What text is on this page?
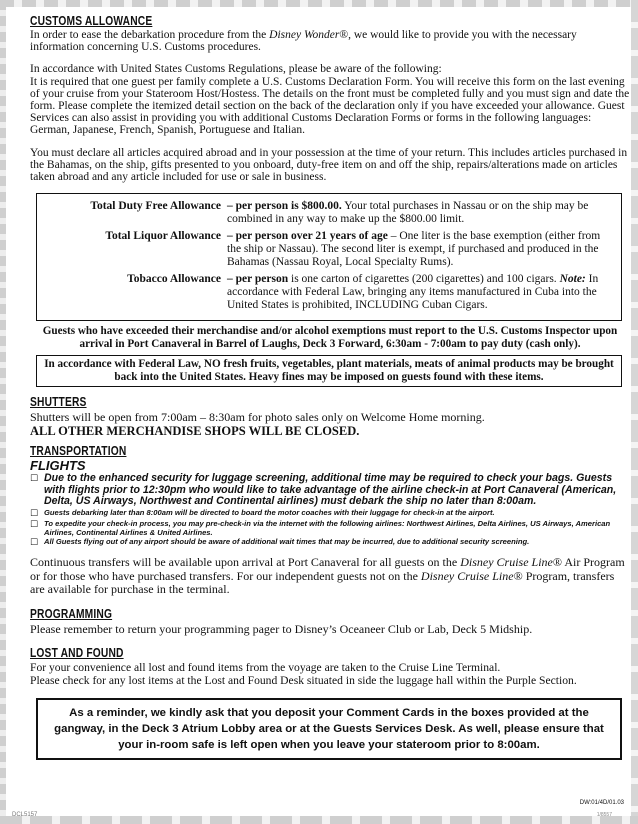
CUSTOMS ALLOWANCE

In order to ease the debarkation procedure from the Disney Wonder®, we would like to provide you with the necessary information concerning U.S. Customs procedures.

In accordance with United States Customs Regulations, please be aware of the following:

It is required that one guest per family complete a U.S. Customs Declaration Form. You will receive this form on the last evening of your cruise from your Stateroom Host/Hostess. The details on the front must be completed fully and you must sign and date the form. Please complete the itemized detail section on the back of the declaration only if you have exceeded your allowance. Guest Services can also assist in providing you with additional Customs Declaration Forms or forms in the following languages: German, Japanese, French, Spanish, Portuguese and Italian.

You must declare all articles acquired abroad and in your possession at the time of your return. This includes articles purchased in the Bahamas, on the ship, gifts presented to you onboard, duty-free item on and off the ship, repairs/alterations made on articles taken abroad and any article included for use or sale in business.

Total Duty Free Allowance – per person is $800.00. Your total purchases in Nassau or on the ship may be combined in any way to make up the $800.00 limit.
Total Liquor Allowance – per person over 21 years of age – One liter is the base exemption (either from the ship or Nassau). The second liter is exempt, if purchased and produced in the Bahamas (Nassau Royal, Local Specialty Rums).
Tobacco Allowance – per person is one carton of cigarettes (200 cigarettes) and 100 cigars. Note: In accordance with Federal Law, bringing any items manufactured in Cuba into the United States is prohibited, INCLUDING Cuban Cigars.
Guests who have exceeded their merchandise and/or alcohol exemptions must report to the U.S. Customs Inspector upon arrival in Port Canaveral in Barrel of Laughs, Deck 3 Forward, 6:30am - 7:00am to pay duty (cash only).
In accordance with Federal Law, NO fresh fruits, vegetables, plant materials, meats of animal products may be brought back into the United States. Heavy fines may be imposed on guests found with these items.
SHUTTERS

Shutters will be open from 7:00am – 8:30am for photo sales only on Welcome Home morning.

ALL OTHER MERCHANDISE SHOPS WILL BE CLOSED.

TRANSPORTATION
FLIGHTS
☐ Due to the enhanced security for luggage screening, additional time may be required to check your bags. Guests with flights prior to 12:30pm who would like to take advantage of the airline check-in at Port Canaveral (American, Delta, US Airways, Northwest and Continental airlines) must debark the ship no later than 8:00am.
☐ Guests debarking later than 8:00am will be directed to board the motor coaches with their luggage for check-in at the airport.
☐ To expedite your check-in process, you may pre-check-in via the internet with the following airlines: Northwest Airlines, Delta Airlines, US Airways, American Airlines, Continental Airlines & United Airlines.
☐ All Guests flying out of any airport should be aware of additional wait times that may be incurred, due to additional security screening.

Continuous transfers will be available upon arrival at Port Canaveral for all guests on the Disney Cruise Line® Air Program or for those who have purchased transfers. For our independent guests not on the Disney Cruise Line® Program, transfers are available for purchase in the terminal.

PROGRAMMING

Please remember to return your programming pager to Disney’s Oceaneer Club or Lab, Deck 5 Midship.

LOST AND FOUND

For your convenience all lost and found items from the voyage are taken to the Cruise Line Terminal.

Please check for any lost items at the Lost and Found Desk situated in side the luggage hall within the Purple Section.

As a reminder, we kindly ask that you deposit your Comment Cards in the boxes provided at the gangway, in the Deck 3 Atrium Lobby area or at the Guests Services Desk. As well, please ensure that your in-room safe is left open when you leave your stateroom prior to 8:00am.
DW:01/4D/01.03
DCL5157	1/8557
